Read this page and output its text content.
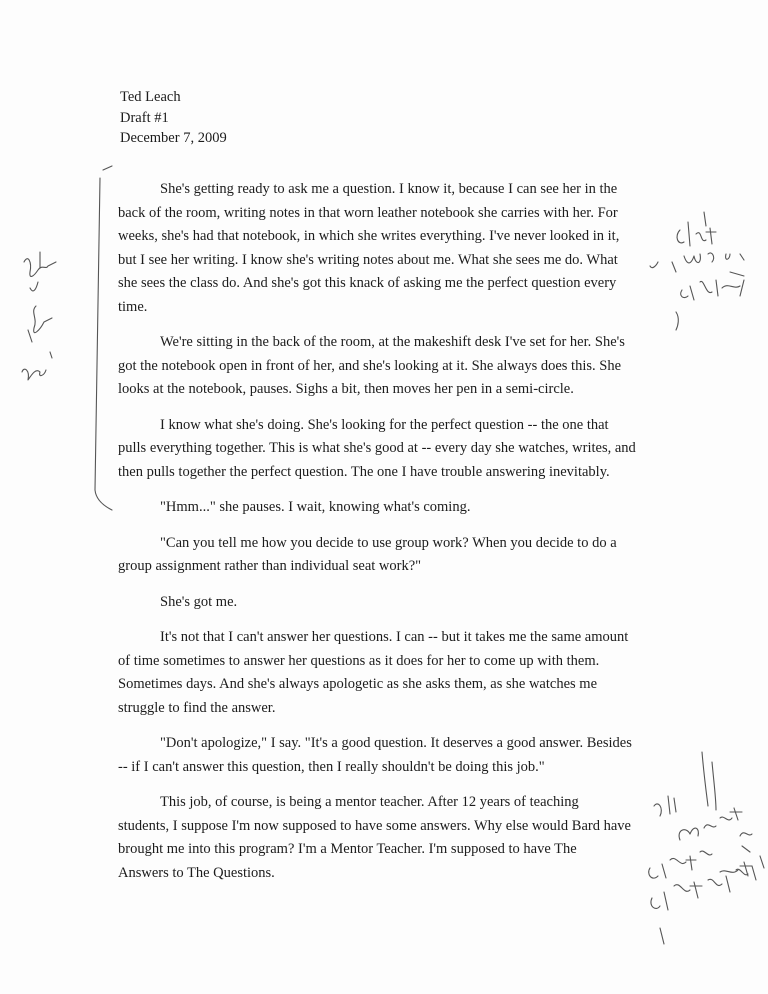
Ted Leach
Draft #1
December 7, 2009
She's getting ready to ask me a question. I know it, because I can see her in the
back of the room, writing notes in that worn leather notebook she carries with her. For
weeks, she's had that notebook, in which she writes everything. I've never looked in it,
but I see her writing. I know she's writing notes about me. What she sees me do. What
she sees the class do. And she's got this knack of asking me the perfect question every
time.
We're sitting in the back of the room, at the makeshift desk I've set for her. She's
got the notebook open in front of her, and she's looking at it. She always does this. She
looks at the notebook, pauses. Sighs a bit, then moves her pen in a semi-circle.
I know what she's doing. She's looking for the perfect question -- the one that
pulls everything together. This is what she's good at -- every day she watches, writes, and
then pulls together the perfect question. The one I have trouble answering inevitably.
"Hmm..." she pauses. I wait, knowing what's coming.
"Can you tell me how you decide to use group work? When you decide to do a
group assignment rather than individual seat work?"
She's got me.
It's not that I can't answer her questions. I can -- but it takes me the same amount
of time sometimes to answer her questions as it does for her to come up with them.
Sometimes days. And she's always apologetic as she asks them, as she watches me
struggle to find the answer.
"Don't apologize," I say. "It's a good question. It deserves a good answer. Besides
-- if I can't answer this question, then I really shouldn't be doing this job."
This job, of course, is being a mentor teacher. After 12 years of teaching
students, I suppose I'm now supposed to have some answers. Why else would Bard have
brought me into this program? I'm a Mentor Teacher. I'm supposed to have The
Answers to The Questions.
